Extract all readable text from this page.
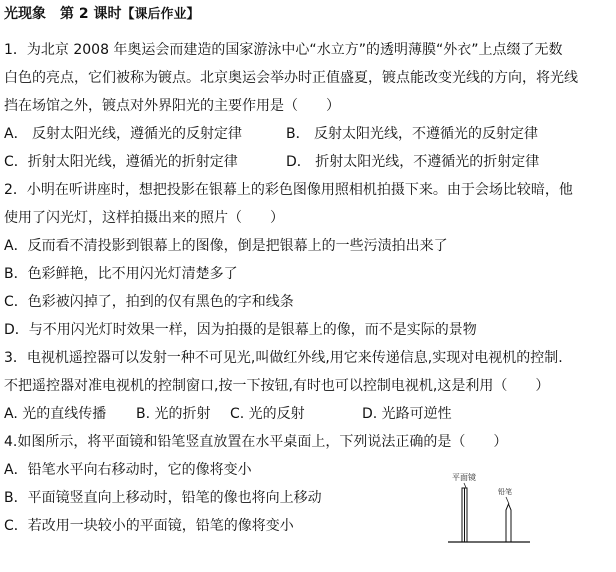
光现象 第 2 课时【课后作业】
1．为北京 2008 年奥运会而建造的国家游泳中心“水立方”的透明薄膜“外衣”上点缀了无数
白色的亮点，它们被称为镀点。北京奥运会举办时正值盛夏，镀点能改变光线的方向，将光线
挡在场馆之外，镀点对外界阳光的主要作用是（　　）
A． 反射太阳光线，遵循光的反射定律	B． 反射太阳光线，不遵循光的反射定律
C．折射太阳光线，遵循光的折射定律	D． 折射太阳光线，不遵循光的折射定律
2．小明在听讲座时，想把投影在银幕上的彩色图像用照相机拍摄下来。由于会场比较暗，他
使用了闪光灯，这样拍摄出来的照片（　　）
A．反而看不清投影到银幕上的图像，倒是把银幕上的一些污渍拍出来了
B．色彩鲜艳，比不用闪光灯清楚多了
C．色彩被闪掉了，拍到的仅有黑色的字和线条
D．与不用闪光灯时效果一样，因为拍摄的是银幕上的像，而不是实际的景物
3．电视机遥控器可以发射一种不可见光,叫做红外线,用它来传递信息,实现对电视机的控制.
不把遥控器对准电视机的控制窗口,按一下按钮,有时也可以控制电视机,这是利用（　　）
A. 光的直线传播 B. 光的折射 C. 光的反射	D. 光路可逆性
4.如图所示，将平面镜和铅笔竖直放置在水平桌面上，下列说法正确的是（　　）
A．铅笔水平向右移动时，它的像将变小
B．平面镜竖直向上移动时，铅笔的像也将向上移动
C．若改用一块较小的平面镜，铅笔的像将变小
平面镜
铅笔
